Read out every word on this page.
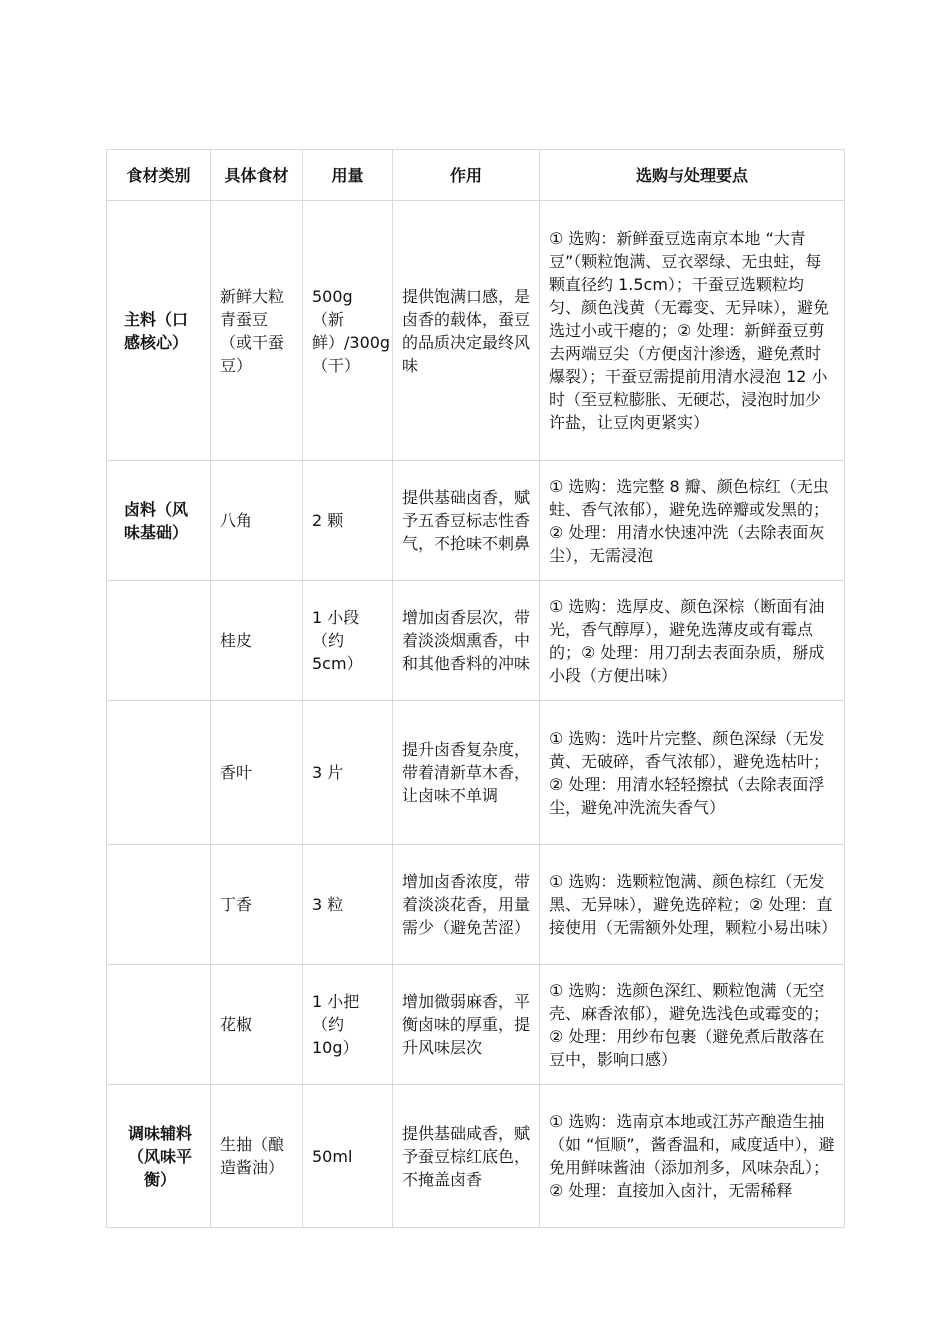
食材类别	具体食材	用量	作用	选购与处理要点
主料（口感核心）	新鲜大粒青蚕豆（或干蚕豆）	500g（新鲜）/300g（干）	提供饱满口感，是卤香的载体，蚕豆的品质决定最终风味	① 选购：新鲜蚕豆选南京本地 “大青豆”（颗粒饱满、豆衣翠绿、无虫蛀，每颗直径约 1.5cm）；干蚕豆选颗粒均匀、颜色浅黄（无霉变、无异味），避免选过小或干瘪的；② 处理：新鲜蚕豆剪去两端豆尖（方便卤汁渗透，避免煮时爆裂）；干蚕豆需提前用清水浸泡 12 小时（至豆粒膨胀、无硬芯，浸泡时加少许盐，让豆肉更紧实）
卤料（风味基础）	八角	2 颗	提供基础卤香，赋予五香豆标志性香气，不抢味不刺鼻	① 选购：选完整 8 瓣、颜色棕红（无虫蛀、香气浓郁），避免选碎瓣或发黑的；② 处理：用清水快速冲洗（去除表面灰尘），无需浸泡
	桂皮	1 小段（约 5cm）	增加卤香层次，带着淡淡烟熏香，中和其他香料的冲味	① 选购：选厚皮、颜色深棕（断面有油光，香气醇厚），避免选薄皮或有霉点的；② 处理：用刀刮去表面杂质，掰成小段（方便出味）
	香叶	3 片	提升卤香复杂度，带着清新草木香，让卤味不单调	① 选购：选叶片完整、颜色深绿（无发黄、无破碎，香气浓郁），避免选枯叶；② 处理：用清水轻轻擦拭（去除表面浮尘，避免冲洗流失香气）
	丁香	3 粒	增加卤香浓度，带着淡淡花香，用量需少（避免苦涩）	① 选购：选颗粒饱满、颜色棕红（无发黑、无异味），避免选碎粒；② 处理：直接使用（无需额外处理，颗粒小易出味）
	花椒	1 小把（约 10g）	增加微弱麻香，平衡卤味的厚重，提升风味层次	① 选购：选颜色深红、颗粒饱满（无空壳、麻香浓郁），避免选浅色或霉变的；② 处理：用纱布包裹（避免煮后散落在豆中，影响口感）
调味辅料（风味平衡）	生抽（酿造酱油）	50ml	提供基础咸香，赋予蚕豆棕红底色，不掩盖卤香	① 选购：选南京本地或江苏产酿造生抽（如 “恒顺”，酱香温和，咸度适中），避免用鲜味酱油（添加剂多，风味杂乱）；② 处理：直接加入卤汁，无需稀释
